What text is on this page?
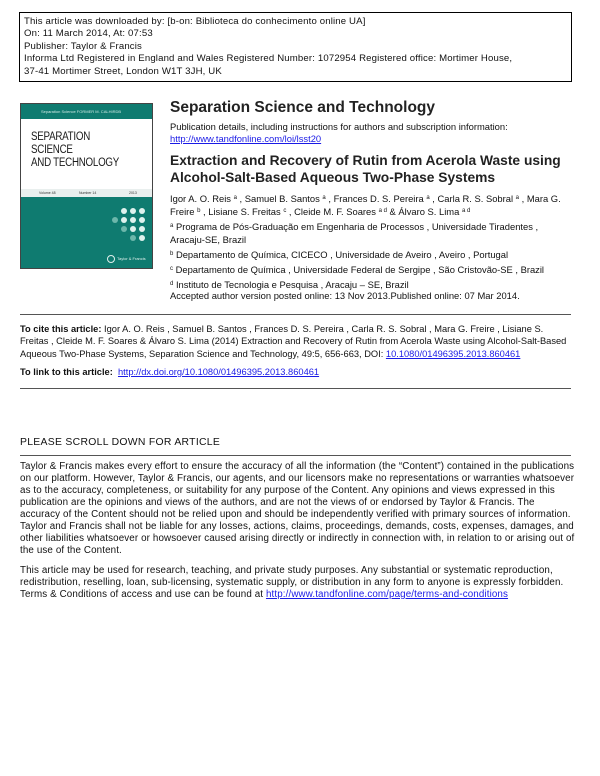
This article was downloaded by: [b-on: Biblioteca do conhecimento online UA]
On: 11 March 2014, At: 07:53
Publisher: Taylor & Francis
Informa Ltd Registered in England and Wales Registered Number: 1072954 Registered office: Mortimer House,
37-41 Mortimer Street, London W1T 3JH, UK
Separation Science FORMER M. CALHIRDB
SEPARATION SCIENCE
AND TECHNOLOGY
Volume 48	Number 14	2013
Taylor & Francis
Separation Science and Technology
Publication details, including instructions for authors and subscription information:
http://www.tandfonline.com/loi/lsst20
Extraction and Recovery of Rutin from Acerola Waste using Alcohol-Salt-Based Aqueous Two-Phase Systems
Igor A. O. Reis $^a$ , Samuel B. Santos $^a$ , Frances D. S. Pereira $^a$ , Carla R. S. Sobral $^a$ , Mara G. Freire $^b$ , Lisiane S. Freitas $^c$ , Cleide M. F. Soares $^{a d}$ & Álvaro S. Lima $^{a d}$

$^a$ Programa de Pós-Graduação em Engenharia de Processos , Universidade Tiradentes , Aracaju-SE, Brazil

$^b$ Departamento de Química, CICECO , Universidade de Aveiro , Aveiro , Portugal

$^c$ Departamento de Química , Universidade Federal de Sergipe , São Cristovão-SE , Brazil

$^d$ Instituto de Tecnologia e Pesquisa , Aracaju – SE, Brazil

Accepted author version posted online: 13 Nov 2013.Published online: 07 Mar 2014.
To cite this article: Igor A. O. Reis , Samuel B. Santos , Frances D. S. Pereira , Carla R. S. Sobral , Mara G. Freire , Lisiane S. Freitas , Cleide M. F. Soares & Álvaro S. Lima (2014) Extraction and Recovery of Rutin from Acerola Waste using Alcohol-Salt-Based Aqueous Two-Phase Systems, Separation Science and Technology, 49:5, 656-663, DOI: 10.1080/01496395.2013.860461
To link to this article: http://dx.doi.org/10.1080/01496395.2013.860461
PLEASE SCROLL DOWN FOR ARTICLE

Taylor & Francis makes every effort to ensure the accuracy of all the information (the “Content”) contained in the publications on our platform. However, Taylor & Francis, our agents, and our licensors make no representations or warranties whatsoever as to the accuracy, completeness, or suitability for any purpose of the Content. Any opinions and views expressed in this publication are the opinions and views of the authors, and are not the views of or endorsed by Taylor & Francis. The accuracy of the Content should not be relied upon and should be independently verified with primary sources of information. Taylor and Francis shall not be liable for any losses, actions, claims, proceedings, demands, costs, expenses, damages, and other liabilities whatsoever or howsoever caused arising directly or indirectly in connection with, in relation to or arising out of the use of the Content.

This article may be used for research, teaching, and private study purposes. Any substantial or systematic reproduction, redistribution, reselling, loan, sub-licensing, systematic supply, or distribution in any form to anyone is expressly forbidden. Terms & Conditions of access and use can be found at http://www.tandfonline.com/page/terms-and-conditions
